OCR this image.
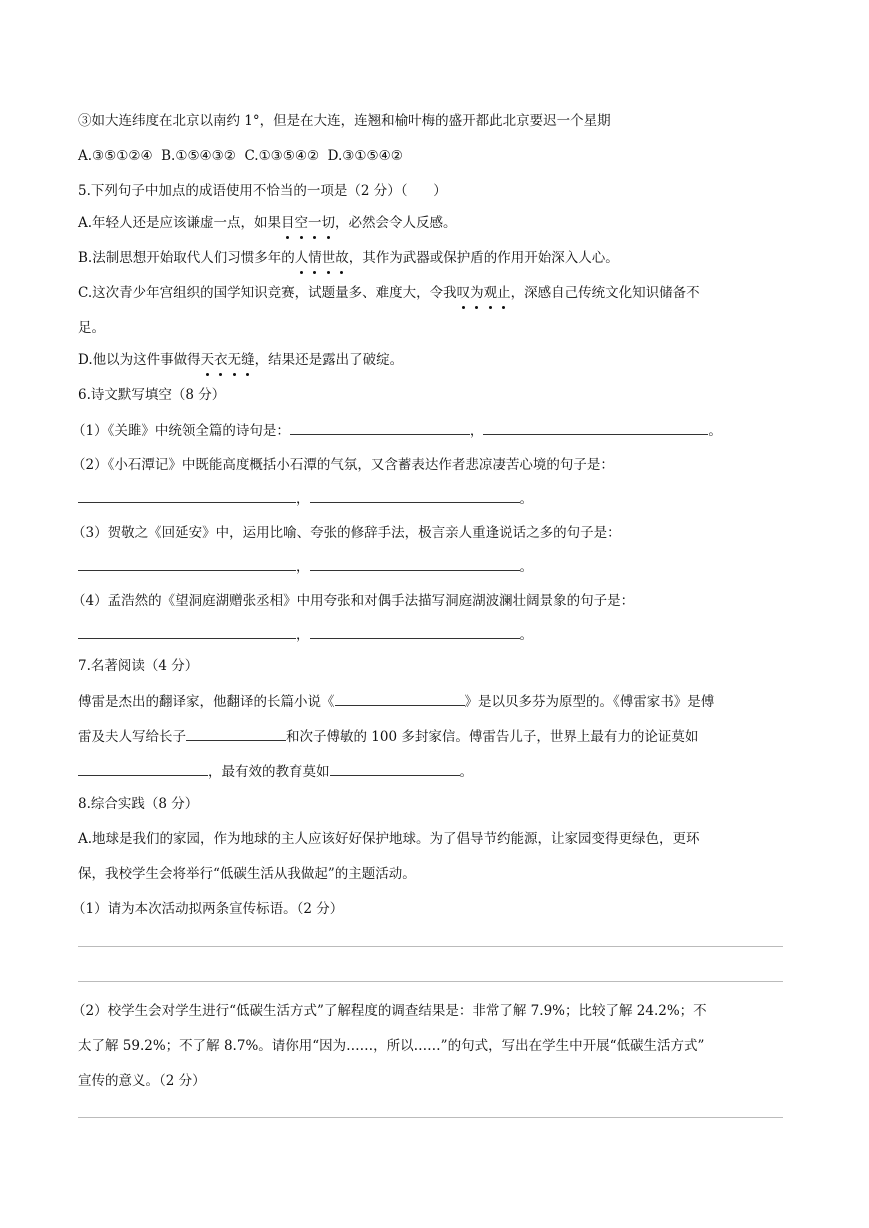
③如大连纬度在北京以南约 1°，但是在大连，连翘和榆叶梅的盛开都此北京要迟一个星期
A.③⑤①②④  B.①⑤④③②  C.①③⑤④②  D.③①⑤④②
5.下列句子中加点的成语使用不恰当的一项是（2 分）（      ）
A.年轻人还是应该谦虚一点，如果目空一切，必然会令人反感。
B.法制思想开始取代人们习惯多年的人情世故，其作为武器或保护盾的作用开始深入人心。
C.这次青少年宫组织的国学知识竞赛，试题量多、难度大，令我叹为观止，深感自己传统文化知识储备不
足。
D.他以为这件事做得天衣无缝，结果还是露出了破绽。
6.诗文默写填空（8 分）
（1）《关雎》中统领全篇的诗句是：	，	。
（2）《小石潭记》中既能高度概括小石潭的气氛，又含蓄表达作者悲凉凄苦心境的句子是：
，	。
（3）贺敬之《回延安》中，运用比喻、夸张的修辞手法，极言亲人重逢说话之多的句子是：
，	。
（4）孟浩然的《望洞庭湖赠张丞相》中用夸张和对偶手法描写洞庭湖波澜壮阔景象的句子是：
，	。
7.名著阅读（4 分）
傅雷是杰出的翻译家，他翻译的长篇小说《	》是以贝多芬为原型的。《傅雷家书》是傅
雷及夫人写给长子	和次子傅敏的 100 多封家信。傅雷告儿子，世界上最有力的论证莫如
，最有效的教育莫如	。
8.综合实践（8 分）
A.地球是我们的家园，作为地球的主人应该好好保护地球。为了倡导节约能源，让家园变得更绿色，更环
保，我校学生会将举行“低碳生活从我做起”的主题活动。
（1）请为本次活动拟两条宣传标语。（2 分）
（2）校学生会对学生进行“低碳生活方式”了解程度的调查结果是：非常了解 7.9%；比较了解 24.2%；不
太了解 59.2%；不了解 8.7%。请你用“因为……，所以……”的句式，写出在学生中开展“低碳生活方式”
宣传的意义。（2 分）
